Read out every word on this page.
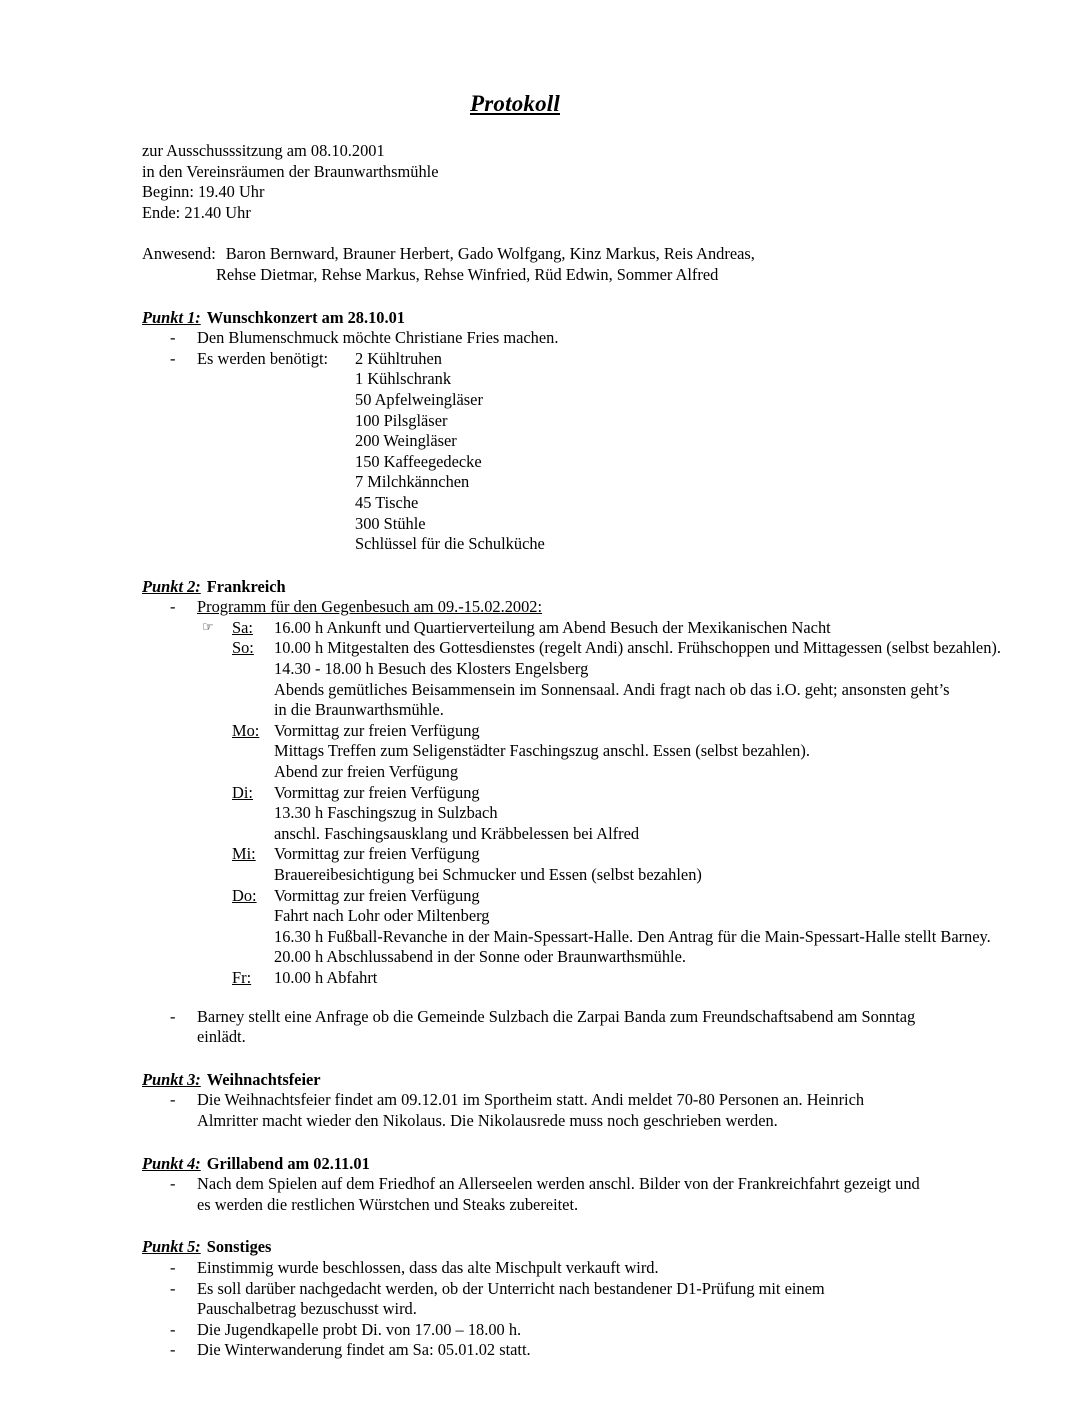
Protokoll
zur Ausschusssitzung am 08.10.2001
in den Vereinsräumen der Braunwarthsmühle
Beginn: 19.40 Uhr
Ende: 21.40 Uhr
Anwesend: Baron Bernward, Brauner Herbert, Gado Wolfgang, Kinz Markus, Reis Andreas,
Rehse Dietmar, Rehse Markus, Rehse Winfried, Rüd Edwin, Sommer Alfred
Punkt 1: Wunschkonzert am 28.10.01
-	Den Blumenschmuck möchte Christiane Fries machen.
-	Es werden benötigt:	2 Kühltruhen
1 Kühlschrank
50 Apfelweingläser
100 Pilsgläser
200 Weingläser
150 Kaffeegedecke
7 Milchkännchen
45 Tische
300 Stühle
Schlüssel für die Schulküche
Punkt 2: Frankreich
-	Programm für den Gegenbesuch am 09.-15.02.2002:
☞	Sa:	16.00 h Ankunft und Quartierverteilung am Abend Besuch der Mexikanischen Nacht
So:	10.00 h Mitgestalten des Gottesdienstes (regelt Andi) anschl. Frühschoppen und Mittagessen (selbst bezahlen).
14.30 - 18.00 h Besuch des Klosters Engelsberg
Abends gemütliches Beisammensein im Sonnensaal. Andi fragt nach ob das i.O. geht; ansonsten geht’s
in die Braunwarthsmühle.
Mo: Vormittag zur freien Verfügung
Mittags Treffen zum Seligenstädter Faschingszug anschl. Essen (selbst bezahlen).
Abend zur freien Verfügung
Di:	Vormittag zur freien Verfügung
13.30 h Faschingszug in Sulzbach
anschl. Faschingsausklang und Kräbbelessen bei Alfred
Mi:	Vormittag zur freien Verfügung
Brauereibesichtigung bei Schmucker und Essen (selbst bezahlen)
Do:	Vormittag zur freien Verfügung
Fahrt nach Lohr oder Miltenberg
16.30 h Fußball-Revanche in der Main-Spessart-Halle. Den Antrag für die Main-Spessart-Halle stellt Barney.
20.00 h Abschlussabend in der Sonne oder Braunwarthsmühle.
Fr:	10.00 h Abfahrt
-	Barney stellt eine Anfrage ob die Gemeinde Sulzbach die Zarpai Banda zum Freundschaftsabend am Sonntag
einlädt.
Punkt 3: Weihnachtsfeier
-	Die Weihnachtsfeier findet am 09.12.01 im Sportheim statt. Andi meldet 70-80 Personen an. Heinrich
Almritter macht wieder den Nikolaus. Die Nikolausrede muss noch geschrieben werden.
Punkt 4: Grillabend am 02.11.01
-	Nach dem Spielen auf dem Friedhof an Allerseelen werden anschl. Bilder von der Frankreichfahrt gezeigt und
es werden die restlichen Würstchen und Steaks zubereitet.
Punkt 5: Sonstiges
-	Einstimmig wurde beschlossen, dass das alte Mischpult verkauft wird.
-	Es soll darüber nachgedacht werden, ob der Unterricht nach bestandener D1-Prüfung mit einem
Pauschalbetrag bezuschusst wird.
-	Die Jugendkapelle probt Di. von 17.00 – 18.00 h.
-	Die Winterwanderung findet am Sa: 05.01.02 statt.
